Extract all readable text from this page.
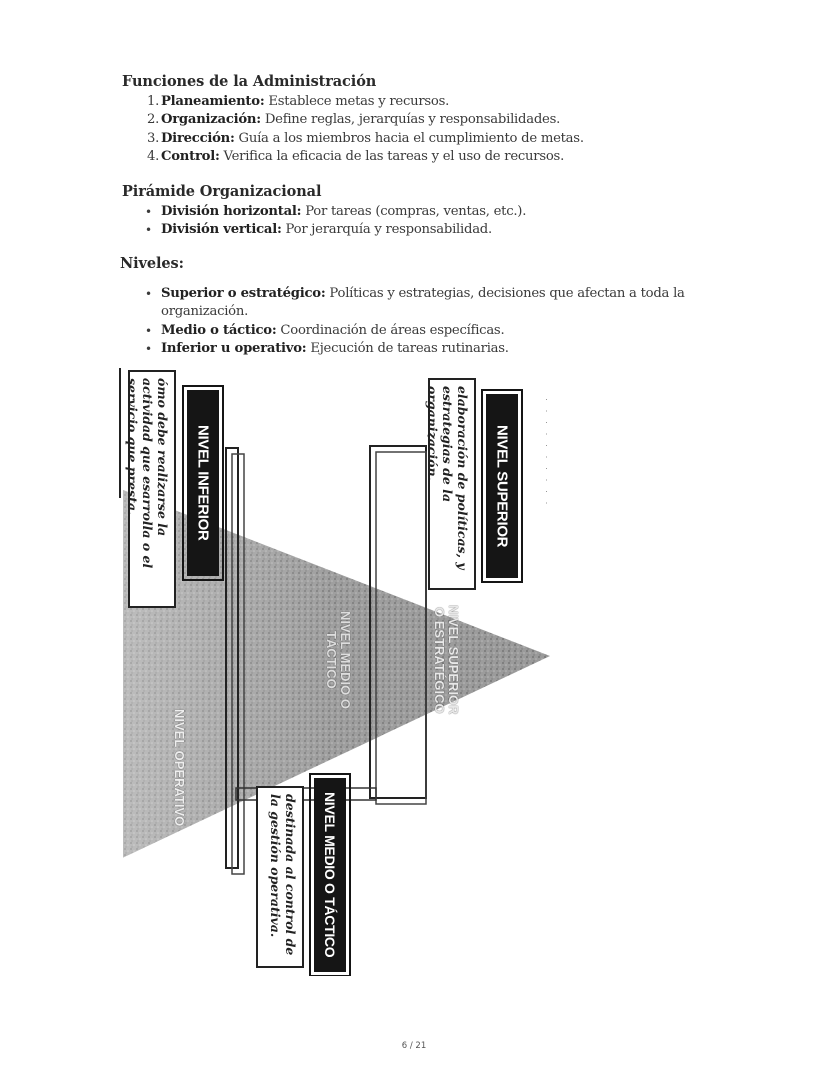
Funciones de la Administración
1. Planeamiento: Establece metas y recursos.
2. Organización: Define reglas, jerarquías y responsabilidades.
3. Dirección: Guía a los miembros hacia el cumplimiento de metas.
4. Control: Verifica la eficacia de las tareas y el uso de recursos.
Pirámide Organizacional
• División horizontal: Por tareas (compras, ventas, etc.).
• División vertical: Por jerarquía y responsabilidad.
Niveles:
• Superior o estratégico: Políticas y estrategias, decisiones que afectan a toda la organización.
• Medio o táctico: Coordinación de áreas específicas.
• Inferior u operativo: Ejecución de tareas rutinarias.
ómo debe realizarse la actividad que esarrolla o el servicio que presta.	NIVEL INFERIOR	elaboración de políticas, y estrategias de la organización.	NIVEL SUPERIOR	· · · · · · · · · ·
destinada al control de la gestión operativa.	NIVEL MEDIO O TÁCTICO
NIVEL SUPERIOR O ESTRATÉGICO
NIVEL MEDIO O TÁCTICO
NIVEL OPERATIVO
6 / 21
